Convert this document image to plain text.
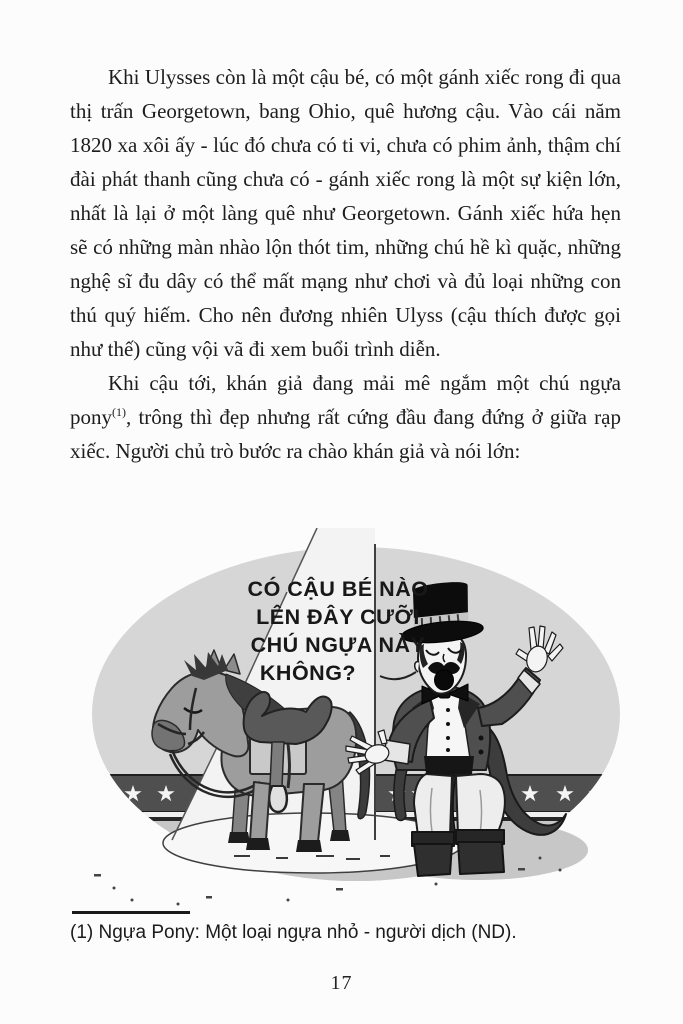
Khi Ulysses còn là một cậu bé, có một gánh xiếc rong đi qua thị trấn Georgetown, bang Ohio, quê hương cậu. Vào cái năm 1820 xa xôi ấy - lúc đó chưa có ti vi, chưa có phim ảnh, thậm chí đài phát thanh cũng chưa có - gánh xiếc rong là một sự kiện lớn, nhất là lại ở một làng quê như Georgetown. Gánh xiếc hứa hẹn sẽ có những màn nhào lộn thót tim, những chú hề kì quặc, những nghệ sĩ đu dây có thể mất mạng như chơi và đủ loại những con thú quý hiếm. Cho nên đương nhiên Ulyss (cậu thích được gọi như thế) cũng vội vã đi xem buổi trình diễn.

Khi cậu tới, khán giả đang mải mê ngắm một chú ngựa pony$^{(1)}$, trông thì đẹp nhưng rất cứng đầu đang đứng ở giữa rạp xiếc. Người chủ trò bước ra chào khán giả và nói lớn:

CÓ CẬU BÉ NÀO
LÊN ĐÂY CƯỠI
CHÚ NGỰA NÀY
KHÔNG?
(1) Ngựa Pony: Một loại ngựa nhỏ - người dịch (ND).
17
